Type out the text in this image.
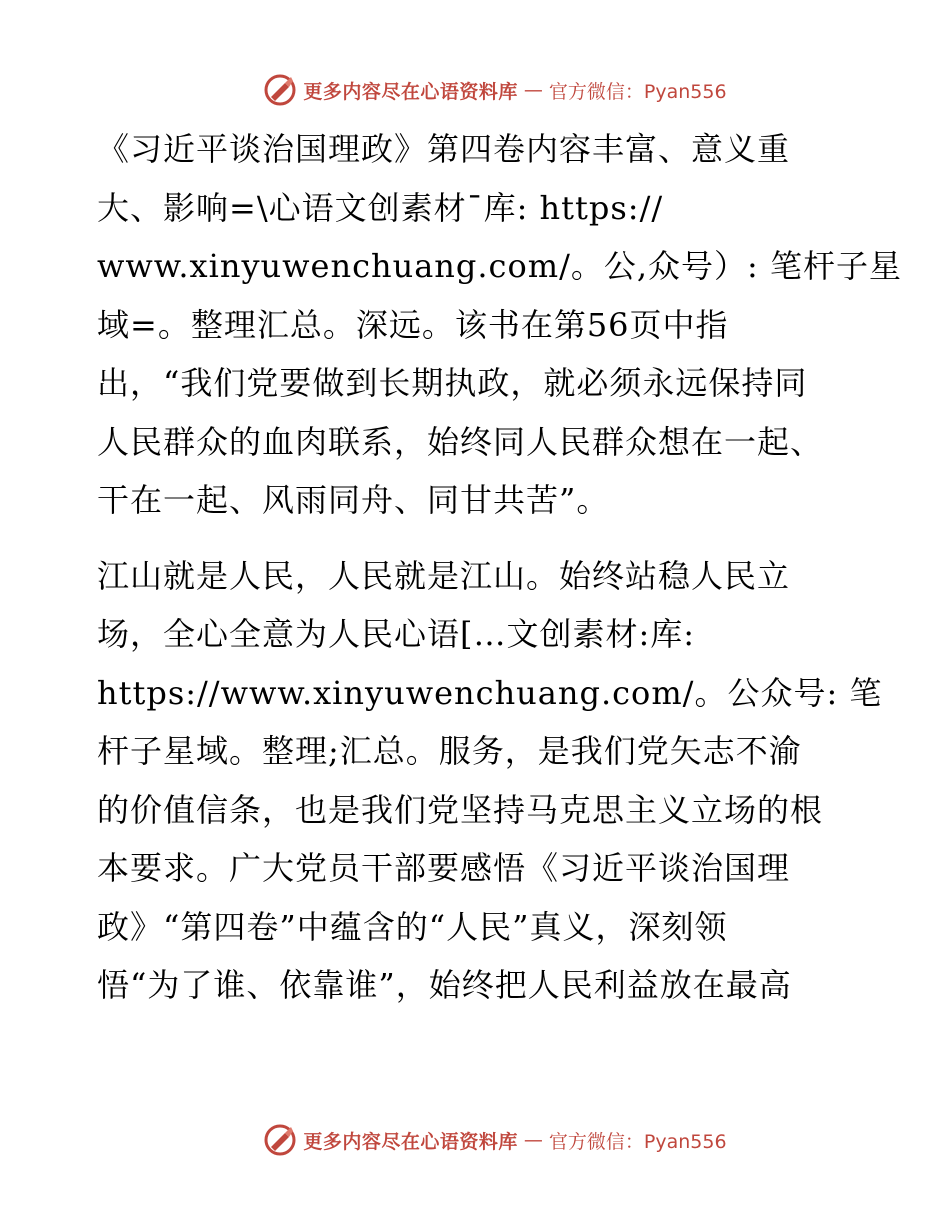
更多内容尽在心语资料库 — 官方微信：Pyan556
《习近平谈治国理政》第四卷内容丰富、意义重
大、影响=\心语文创素材¯库: https://
www.xinyuwenchuang.com/。公,众号）: 笔杆子星
域=。整理汇总。深远。该书在第56页中指
出，“我们党要做到长期执政，就必须永远保持同
人民群众的血肉联系，始终同人民群众想在一起、
干在一起、风雨同舟、同甘共苦”。
江山就是人民，人民就是江山。始终站稳人民立
场，全心全意为人民心语[…文创素材:库:
https://www.xinyuwenchuang.com/。公众号: 笔
杆子星域。整理;汇总。服务，是我们党矢志不渝
的价值信条，也是我们党坚持马克思主义立场的根
本要求。广大党员干部要感悟《习近平谈治国理
政》“第四卷”中蕴含的“人民”真义，深刻领
悟“为了谁、依靠谁”，始终把人民利益放在最高
更多内容尽在心语资料库 — 官方微信：Pyan556
